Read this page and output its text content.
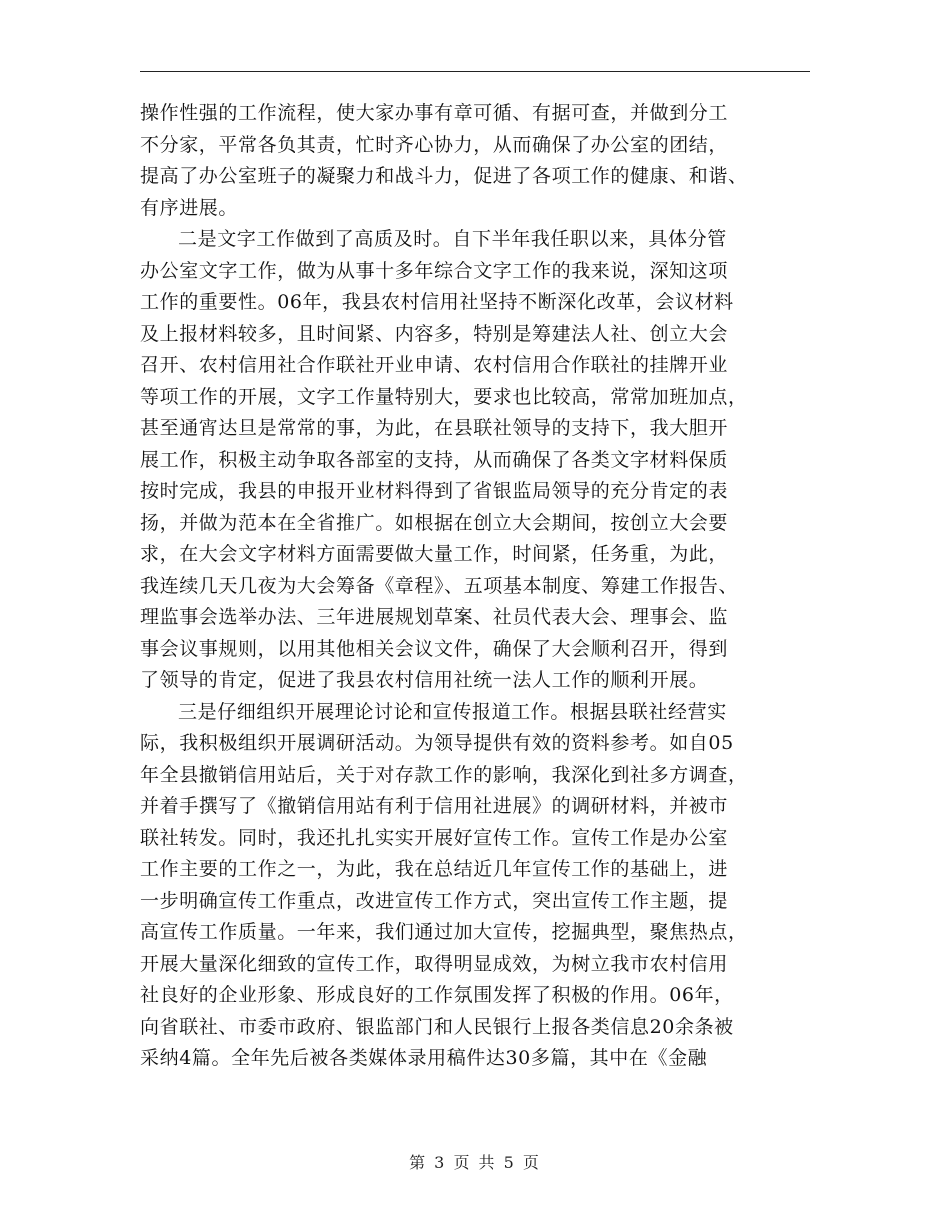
操作性强的工作流程，使大家办事有章可循、有据可查，并做到分工
不分家，平常各负其责，忙时齐心协力，从而确保了办公室的团结，
提高了办公室班子的凝聚力和战斗力，促进了各项工作的健康、和谐、
有序进展。

二是文字工作做到了高质及时。自下半年我任职以来，具体分管
办公室文字工作，做为从事十多年综合文字工作的我来说，深知这项
工作的重要性。06年，我县农村信用社坚持不断深化改革，会议材料
及上报材料较多，且时间紧、内容多，特别是筹建法人社、创立大会
召开、农村信用社合作联社开业申请、农村信用合作联社的挂牌开业
等项工作的开展，文字工作量特别大，要求也比较高，常常加班加点，
甚至通宵达旦是常常的事，为此，在县联社领导的支持下，我大胆开
展工作，积极主动争取各部室的支持，从而确保了各类文字材料保质
按时完成，我县的申报开业材料得到了省银监局领导的充分肯定的表
扬，并做为范本在全省推广。如根据在创立大会期间，按创立大会要
求，在大会文字材料方面需要做大量工作，时间紧，任务重，为此，
我连续几天几夜为大会筹备《章程》、五项基本制度、筹建工作报告、
理监事会选举办法、三年进展规划草案、社员代表大会、理事会、监
事会议事规则，以用其他相关会议文件，确保了大会顺利召开，得到
了领导的肯定，促进了我县农村信用社统一法人工作的顺利开展。

三是仔细组织开展理论讨论和宣传报道工作。根据县联社经营实
际，我积极组织开展调研活动。为领导提供有效的资料参考。如自05
年全县撤销信用站后，关于对存款工作的影响，我深化到社多方调查，
并着手撰写了《撤销信用站有利于信用社进展》的调研材料，并被市
联社转发。同时，我还扎扎实实开展好宣传工作。宣传工作是办公室
工作主要的工作之一，为此，我在总结近几年宣传工作的基础上，进
一步明确宣传工作重点，改进宣传工作方式，突出宣传工作主题，提
高宣传工作质量。一年来，我们通过加大宣传，挖掘典型，聚焦热点，
开展大量深化细致的宣传工作，取得明显成效，为树立我市农村信用
社良好的企业形象、形成良好的工作氛围发挥了积极的作用。06年，
向省联社、市委市政府、银监部门和人民银行上报各类信息20余条被
采纳4篇。全年先后被各类媒体录用稿件达30多篇，其中在《金融

第 3 页 共 5 页
